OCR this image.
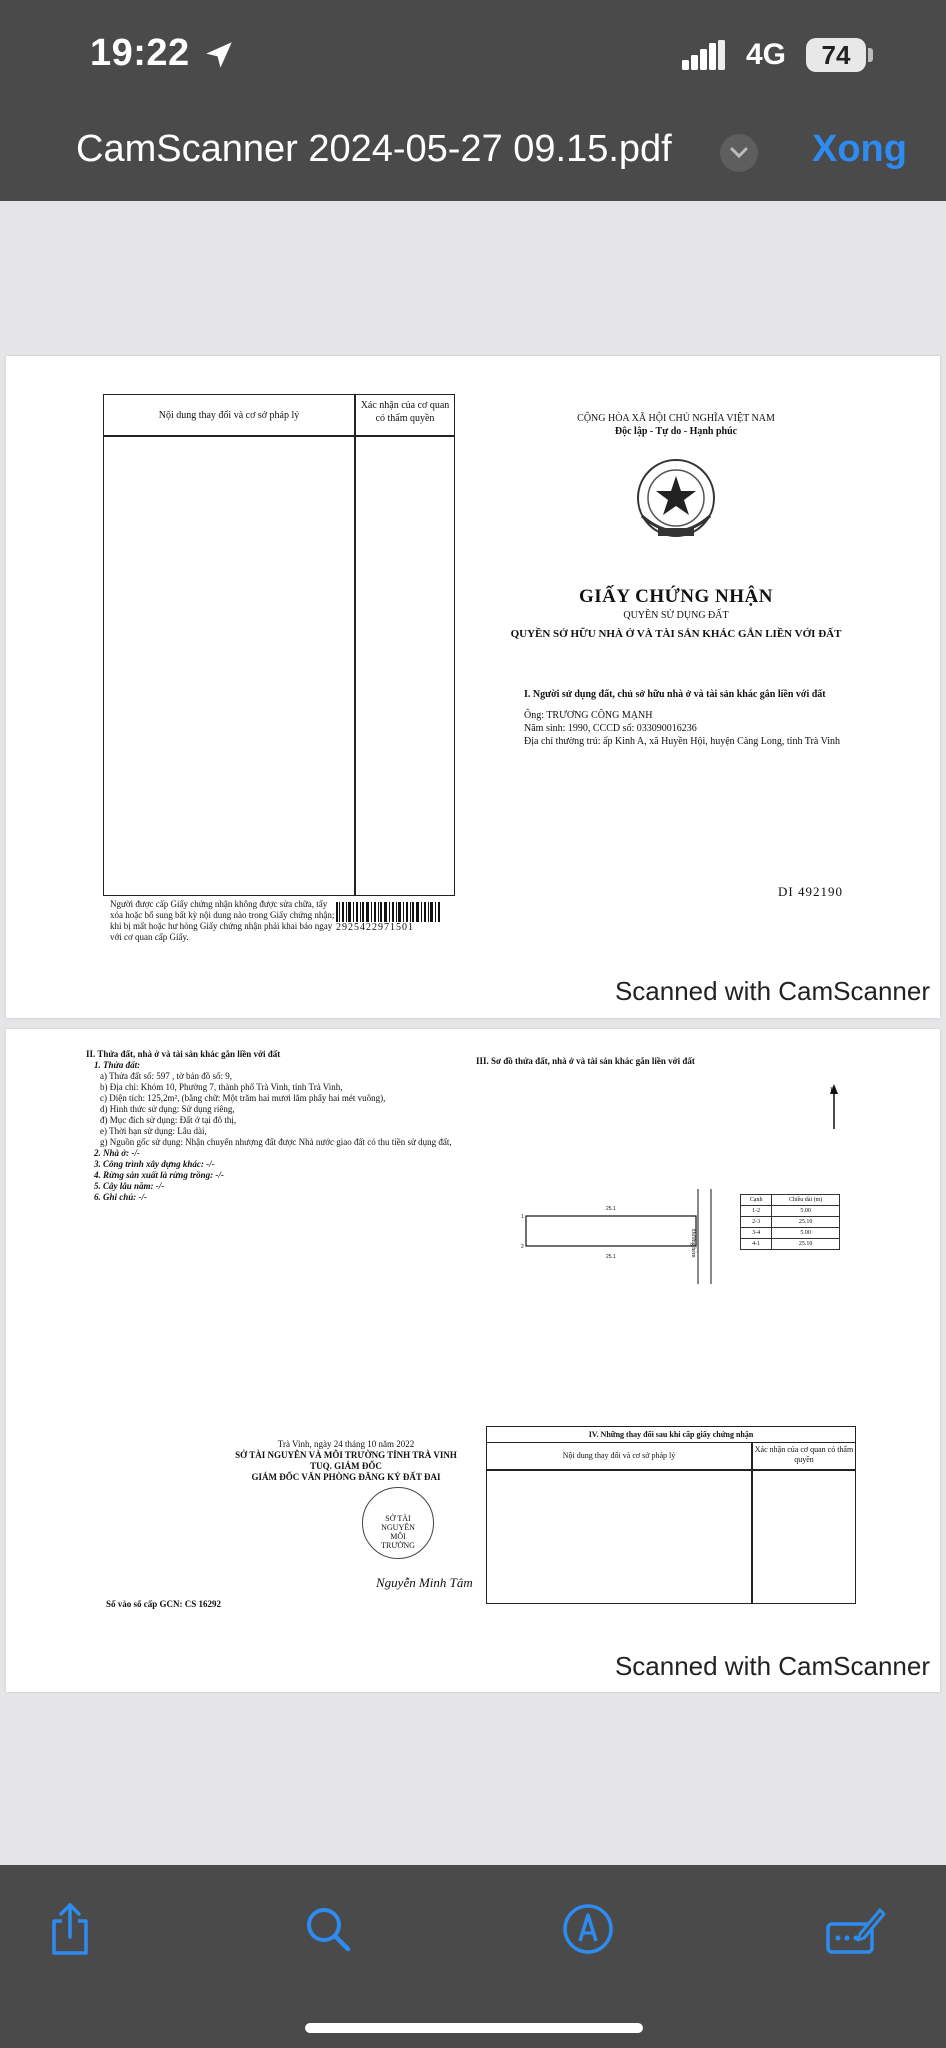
19:22	4G	74
CamScanner 2024-05-27 09.15.pdf	Xong
Nội dung thay đổi và cơ sở pháp lý
Xác nhận của cơ quan có thẩm quyền
Người được cấp Giấy chứng nhận không được sửa chữa, tẩy xóa hoặc bổ sung bất kỳ nội dung nào trong Giấy chứng nhận; khi bị mất hoặc hư hỏng Giấy chứng nhận phải khai báo ngay với cơ quan cấp Giấy.
2925422971501
CỘNG HÒA XÃ HỘI CHỦ NGHĨA VIỆT NAM
Độc lập - Tự do - Hạnh phúc
GIẤY CHỨNG NHẬN
QUYỀN SỬ DỤNG ĐẤT
QUYỀN SỞ HỮU NHÀ Ở VÀ TÀI SẢN KHÁC GẮN LIỀN VỚI ĐẤT
I. Người sử dụng đất, chủ sở hữu nhà ở và tài sản khác gắn liền với đất
Ông: TRƯƠNG CÔNG MẠNH
Năm sinh: 1990, CCCD số: 033090016236
Địa chỉ thường trú: ấp Kinh A, xã Huyền Hội, huyện Càng Long, tỉnh Trà Vinh
DI 492190
Scanned with CamScanner
II. Thửa đất, nhà ở và tài sản khác gắn liền với đất
1. Thửa đất:
a) Thửa đất số: 597 , tờ bản đồ số: 9,
b) Địa chỉ: Khóm 10, Phường 7, thành phố Trà Vinh, tỉnh Trà Vinh,
c) Diện tích: 125,2m², (bằng chữ: Một trăm hai mươi lăm phẩy hai mét vuông),
d) Hình thức sử dụng: Sử dụng riêng,
đ) Mục đích sử dụng: Đất ở tại đô thị,
e) Thời hạn sử dụng: Lâu dài,
g) Nguồn gốc sử dụng: Nhận chuyển nhượng đất được Nhà nước giao đất có thu tiền sử dụng đất,
2. Nhà ở: -/-
3. Công trình xây dựng khác: -/-
4. Rừng sản xuất là rừng trồng: -/-
5. Cây lâu năm: -/-
6. Ghi chú: -/-
III. Sơ đồ thửa đất, nhà ở và tài sản khác gắn liền với đất
B
1
2
25.1
25.1	Đường hẻm
Cạnh	Chiều dài (m)
1-2	5.00
2-3	25.10
3-4	5.00
4-1	25.10
Trà Vinh, ngày 24 tháng 10 năm 2022
SỞ TÀI NGUYÊN VÀ MÔI TRƯỜNG TỈNH TRÀ VINH
TUQ. GIÁM ĐỐC
GIÁM ĐỐC VĂN PHÒNG ĐĂNG KÝ ĐẤT ĐAI
SỞ TÀI NGUYÊN MÔI TRƯỜNG
Nguyễn Minh Tâm
Số vào sổ cấp GCN: CS 16292
IV. Những thay đổi sau khi cấp giấy chứng nhận
Nội dung thay đổi và cơ sở pháp lý
Xác nhận của cơ quan có thẩm quyền
Scanned with CamScanner
